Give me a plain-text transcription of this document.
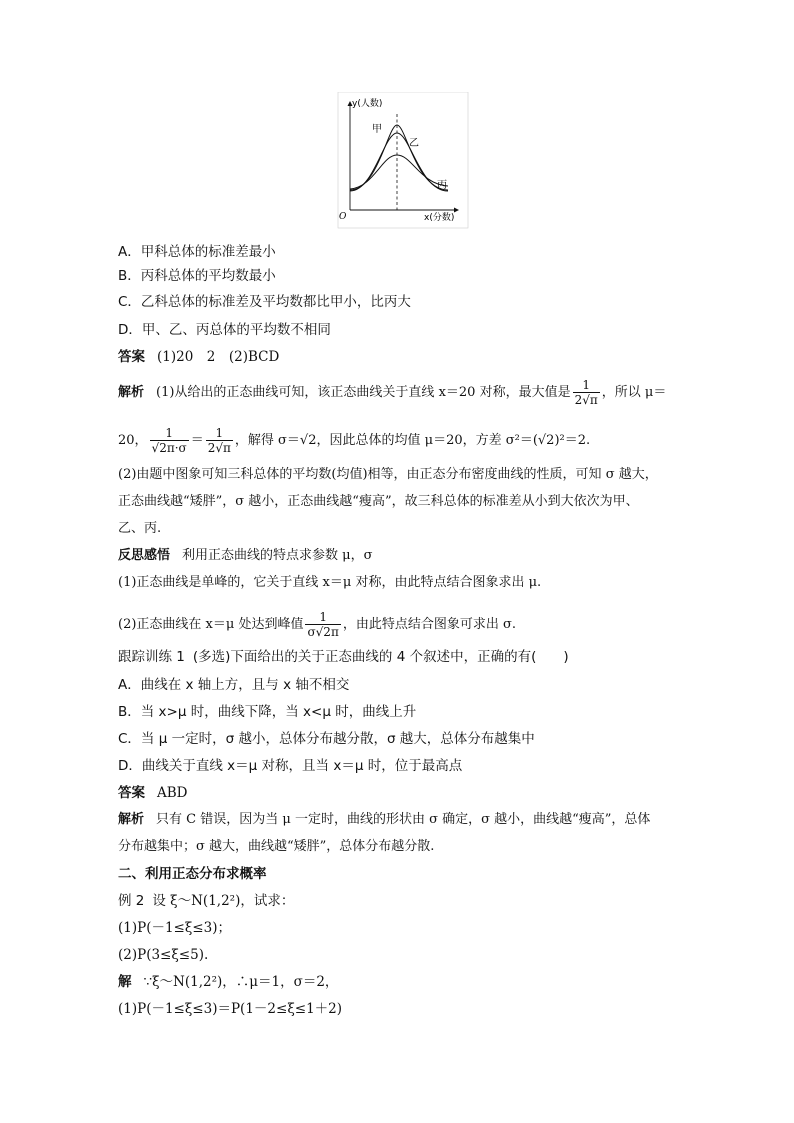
y(人数)
x(分数)
O
甲
乙
丙
A．甲科总体的标准差最小
B．丙科总体的平均数最小
C．乙科总体的标准差及平均数都比甲小，比丙大
D．甲、乙、丙总体的平均数不相同
答案 (1)20　2　(2)BCD
解析 (1)从给出的正态曲线可知，该正态曲线关于直线 x＝20 对称，最大值是 $\frac{1}{2√\pi}$ ，所以 μ＝
20， $\frac{1}{√2\pi\cdot\sigma} = \frac{1}{2√\pi}$ ，解得 σ＝√2，因此总体的均值 μ＝20，方差 σ²＝(√2)²＝2.
(2)由题中图象可知三科总体的平均数(均值)相等，由正态分布密度曲线的性质，可知 σ 越大，
正态曲线越“矮胖”，σ 越小，正态曲线越“瘦高”，故三科总体的标准差从小到大依次为甲、
乙、丙.
反思感悟 利用正态曲线的特点求参数 μ，σ
(1)正态曲线是单峰的，它关于直线 x＝μ 对称，由此特点结合图象求出 μ.
(2)正态曲线在 x＝μ 处达到峰值 $\frac{1}{\sigma√2\pi}$ ，由此特点结合图象可求出 σ.
跟踪训练 1 (多选)下面给出的关于正态曲线的 4 个叙述中，正确的有(　　)
A．曲线在 x 轴上方，且与 x 轴不相交
B．当 x>μ 时，曲线下降，当 x<μ 时，曲线上升
C．当 μ 一定时，σ 越小，总体分布越分散，σ 越大，总体分布越集中
D．曲线关于直线 x＝μ 对称，且当 x＝μ 时，位于最高点
答案 ABD
解析 只有 C 错误，因为当 μ 一定时，曲线的形状由 σ 确定，σ 越小，曲线越“瘦高”，总体
分布越集中；σ 越大，曲线越“矮胖”，总体分布越分散.
二、利用正态分布求概率
例 2 设 ξ～N(1,2²)，试求：
(1)P(－1≤ξ≤3)；
(2)P(3≤ξ≤5).
解 ∵ξ～N(1,2²)，∴μ＝1，σ＝2，
(1)P(－1≤ξ≤3)＝P(1－2≤ξ≤1＋2)
